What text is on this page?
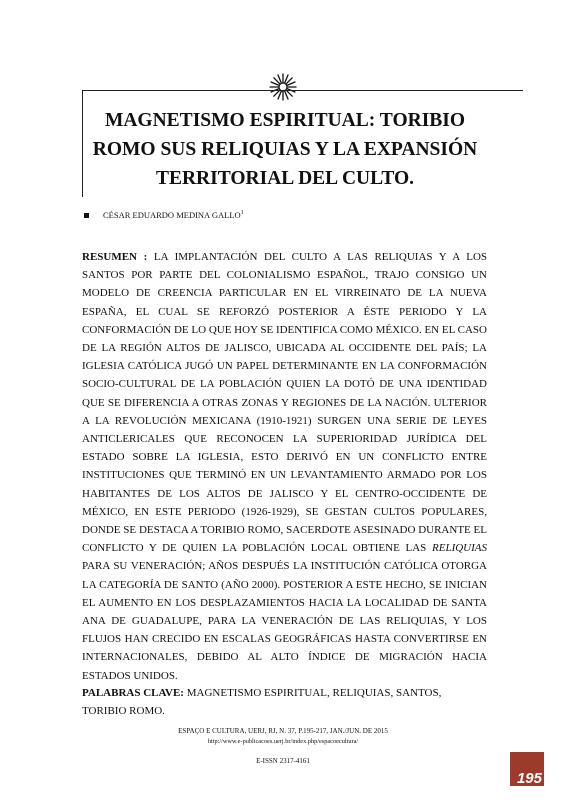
MAGNETISMO ESPIRITUAL: TORIBIO
ROMO SUS RELIQUIAS Y LA EXPANSIÓN
TERRITORIAL DEL CULTO.
CÉSAR EDUARDO MEDINA GALLO$^1$

RESUMEN : LA IMPLANTACIÓN DEL CULTO A LAS RELIQUIAS Y A LOS SANTOS POR PARTE DEL COLONIALISMO ESPAÑOL, TRAJO CONSIGO UN MODELO DE CREENCIA PARTICULAR EN EL VIRREINATO DE LA NUEVA ESPAÑA, EL CUAL SE REFORZÓ POSTERIOR A ÉSTE PERIODO Y LA CONFORMACIÓN DE LO QUE HOY SE IDENTIFICA COMO MÉXICO. EN EL CASO DE LA REGIÓN ALTOS DE JALISCO, UBICADA AL OCCIDENTE DEL PAÍS; LA IGLESIA CATÓLICA JUGÓ UN PAPEL DETERMINANTE EN LA CONFORMACIÓN SOCIO-CULTURAL DE LA POBLACIÓN QUIEN LA DOTÓ DE UNA IDENTIDAD QUE SE DIFERENCIA A OTRAS ZONAS Y REGIONES DE LA NACIÓN. ULTERIOR A LA REVOLUCIÓN MEXICANA (1910-1921) SURGEN UNA SERIE DE LEYES ANTICLERICALES QUE RECONOCEN LA SUPERIORIDAD JURÍDICA DEL ESTADO SOBRE LA IGLESIA, ESTO DERIVÓ EN UN CONFLICTO ENTRE INSTITUCIONES QUE TERMINÓ EN UN LEVANTAMIENTO ARMADO POR LOS HABITANTES DE LOS ALTOS DE JALISCO Y EL CENTRO-OCCIDENTE DE MÉXICO, EN ESTE PERIODO (1926-1929), SE GESTAN CULTOS POPULARES, DONDE SE DESTACA A TORIBIO ROMO, SACERDOTE ASESINADO DURANTE EL CONFLICTO Y DE QUIEN LA POBLACIÓN LOCAL OBTIENE LAS RELIQUIAS PARA SU VENERACIÓN; AÑOS DESPUÉS LA INSTITUCIÓN CATÓLICA OTORGA LA CATEGORÍA DE SANTO (AÑO 2000). POSTERIOR A ESTE HECHO, SE INICIAN EL AUMENTO EN LOS DESPLAZAMIENTOS HACIA LA LOCALIDAD DE SANTA ANA DE GUADALUPE, PARA LA VENERACIÓN DE LAS RELIQUIAS, Y LOS FLUJOS HAN CRECIDO EN ESCALAS GEOGRÁFICAS HASTA CONVERTIRSE EN INTERNACIONALES, DEBIDO AL ALTO ÍNDICE DE MIGRACIÓN HACIA ESTADOS UNIDOS.

PALABRAS CLAVE: MAGNETISMO ESPIRITUAL, RELIQUIAS, SANTOS, TORIBIO ROMO.

ESPAÇO E CULTURA, UERJ, RJ, N. 37, P.195-217, JAN./JUN. DE 2015
http://www.e-publicacoes.uerj.br/index.php/espacoecultura/
E-ISSN 2317-4161
195
